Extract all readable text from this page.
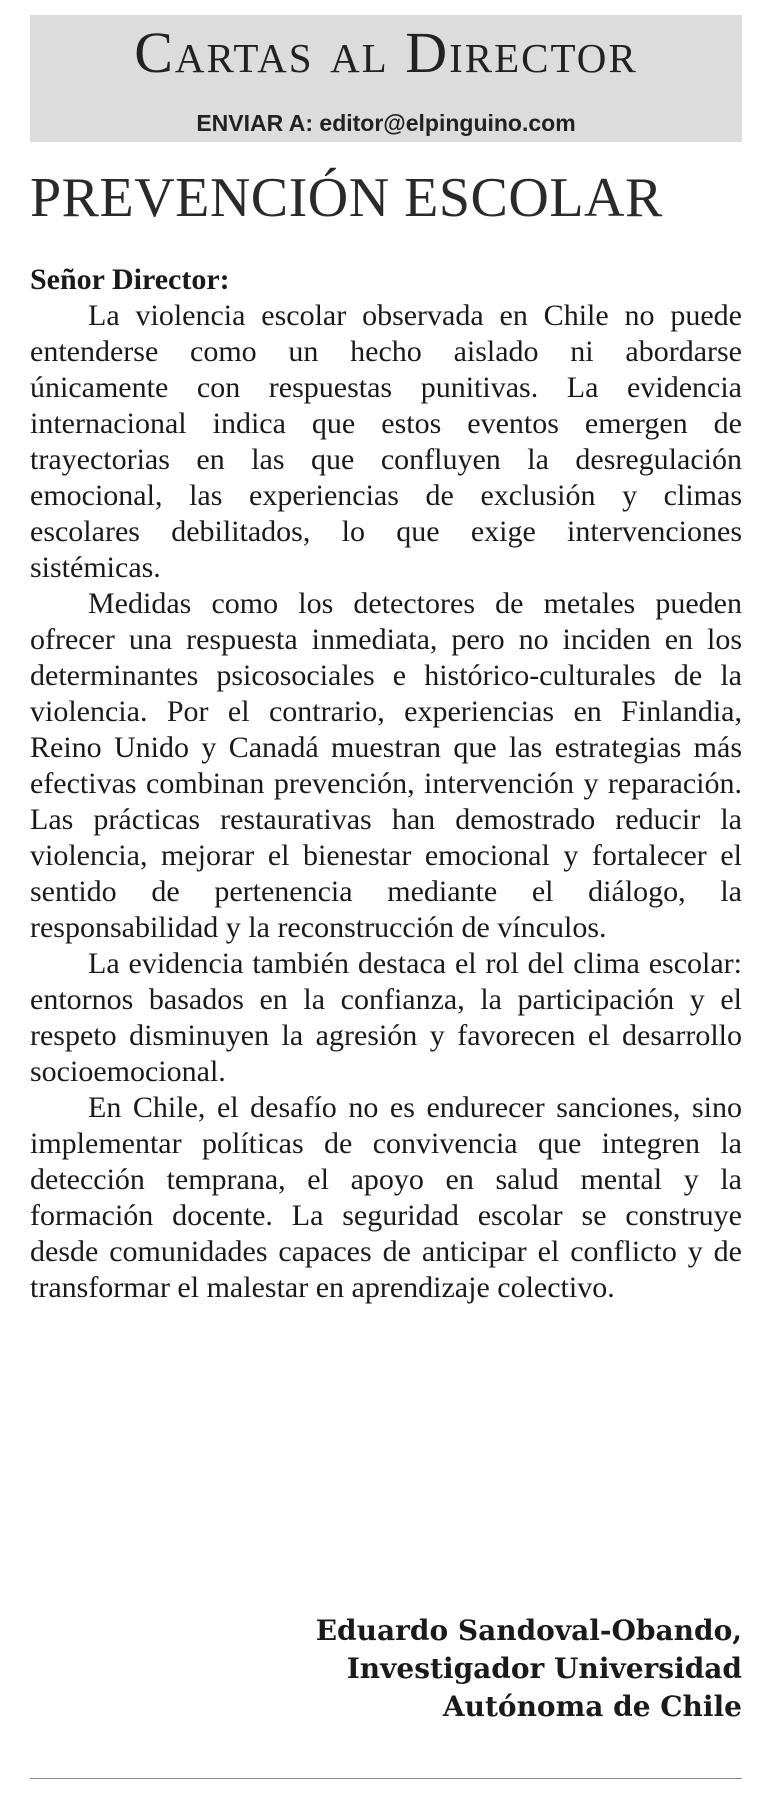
Cartas al Director
ENVIAR A: editor@elpinguino.com
PREVENCIÓN ESCOLAR

Señor Director:

La violencia escolar observada en Chile no puede entenderse como un hecho aislado ni abordarse únicamente con respuestas punitivas. La evidencia internacional indica que estos eventos emergen de trayectorias en las que confluyen la desregulación emocional, las experiencias de exclusión y climas escolares debilitados, lo que exige intervenciones sistémicas.

Medidas como los detectores de metales pueden ofrecer una respuesta inmediata, pero no inciden en los determinantes psicosociales e histórico-culturales de la violencia. Por el contrario, experiencias en Finlandia, Reino Unido y Canadá muestran que las estrategias más efectivas combinan prevención, intervención y reparación. Las prácticas restaurativas han demostrado reducir la violencia, mejorar el bienestar emocional y fortalecer el sentido de pertenencia mediante el diálogo, la responsabilidad y la reconstrucción de vínculos.

La evidencia también destaca el rol del clima escolar: entornos basados en la confianza, la participación y el respeto disminuyen la agresión y favorecen el desarrollo socioemocional.

En Chile, el desafío no es endurecer sanciones, sino implementar políticas de convivencia que integren la detección temprana, el apoyo en salud mental y la formación docente. La seguridad escolar se construye desde comunidades capaces de anticipar el conflicto y de transformar el malestar en aprendizaje colectivo.

Eduardo Sandoval-Obando,
Investigador Universidad
Autónoma de Chile
